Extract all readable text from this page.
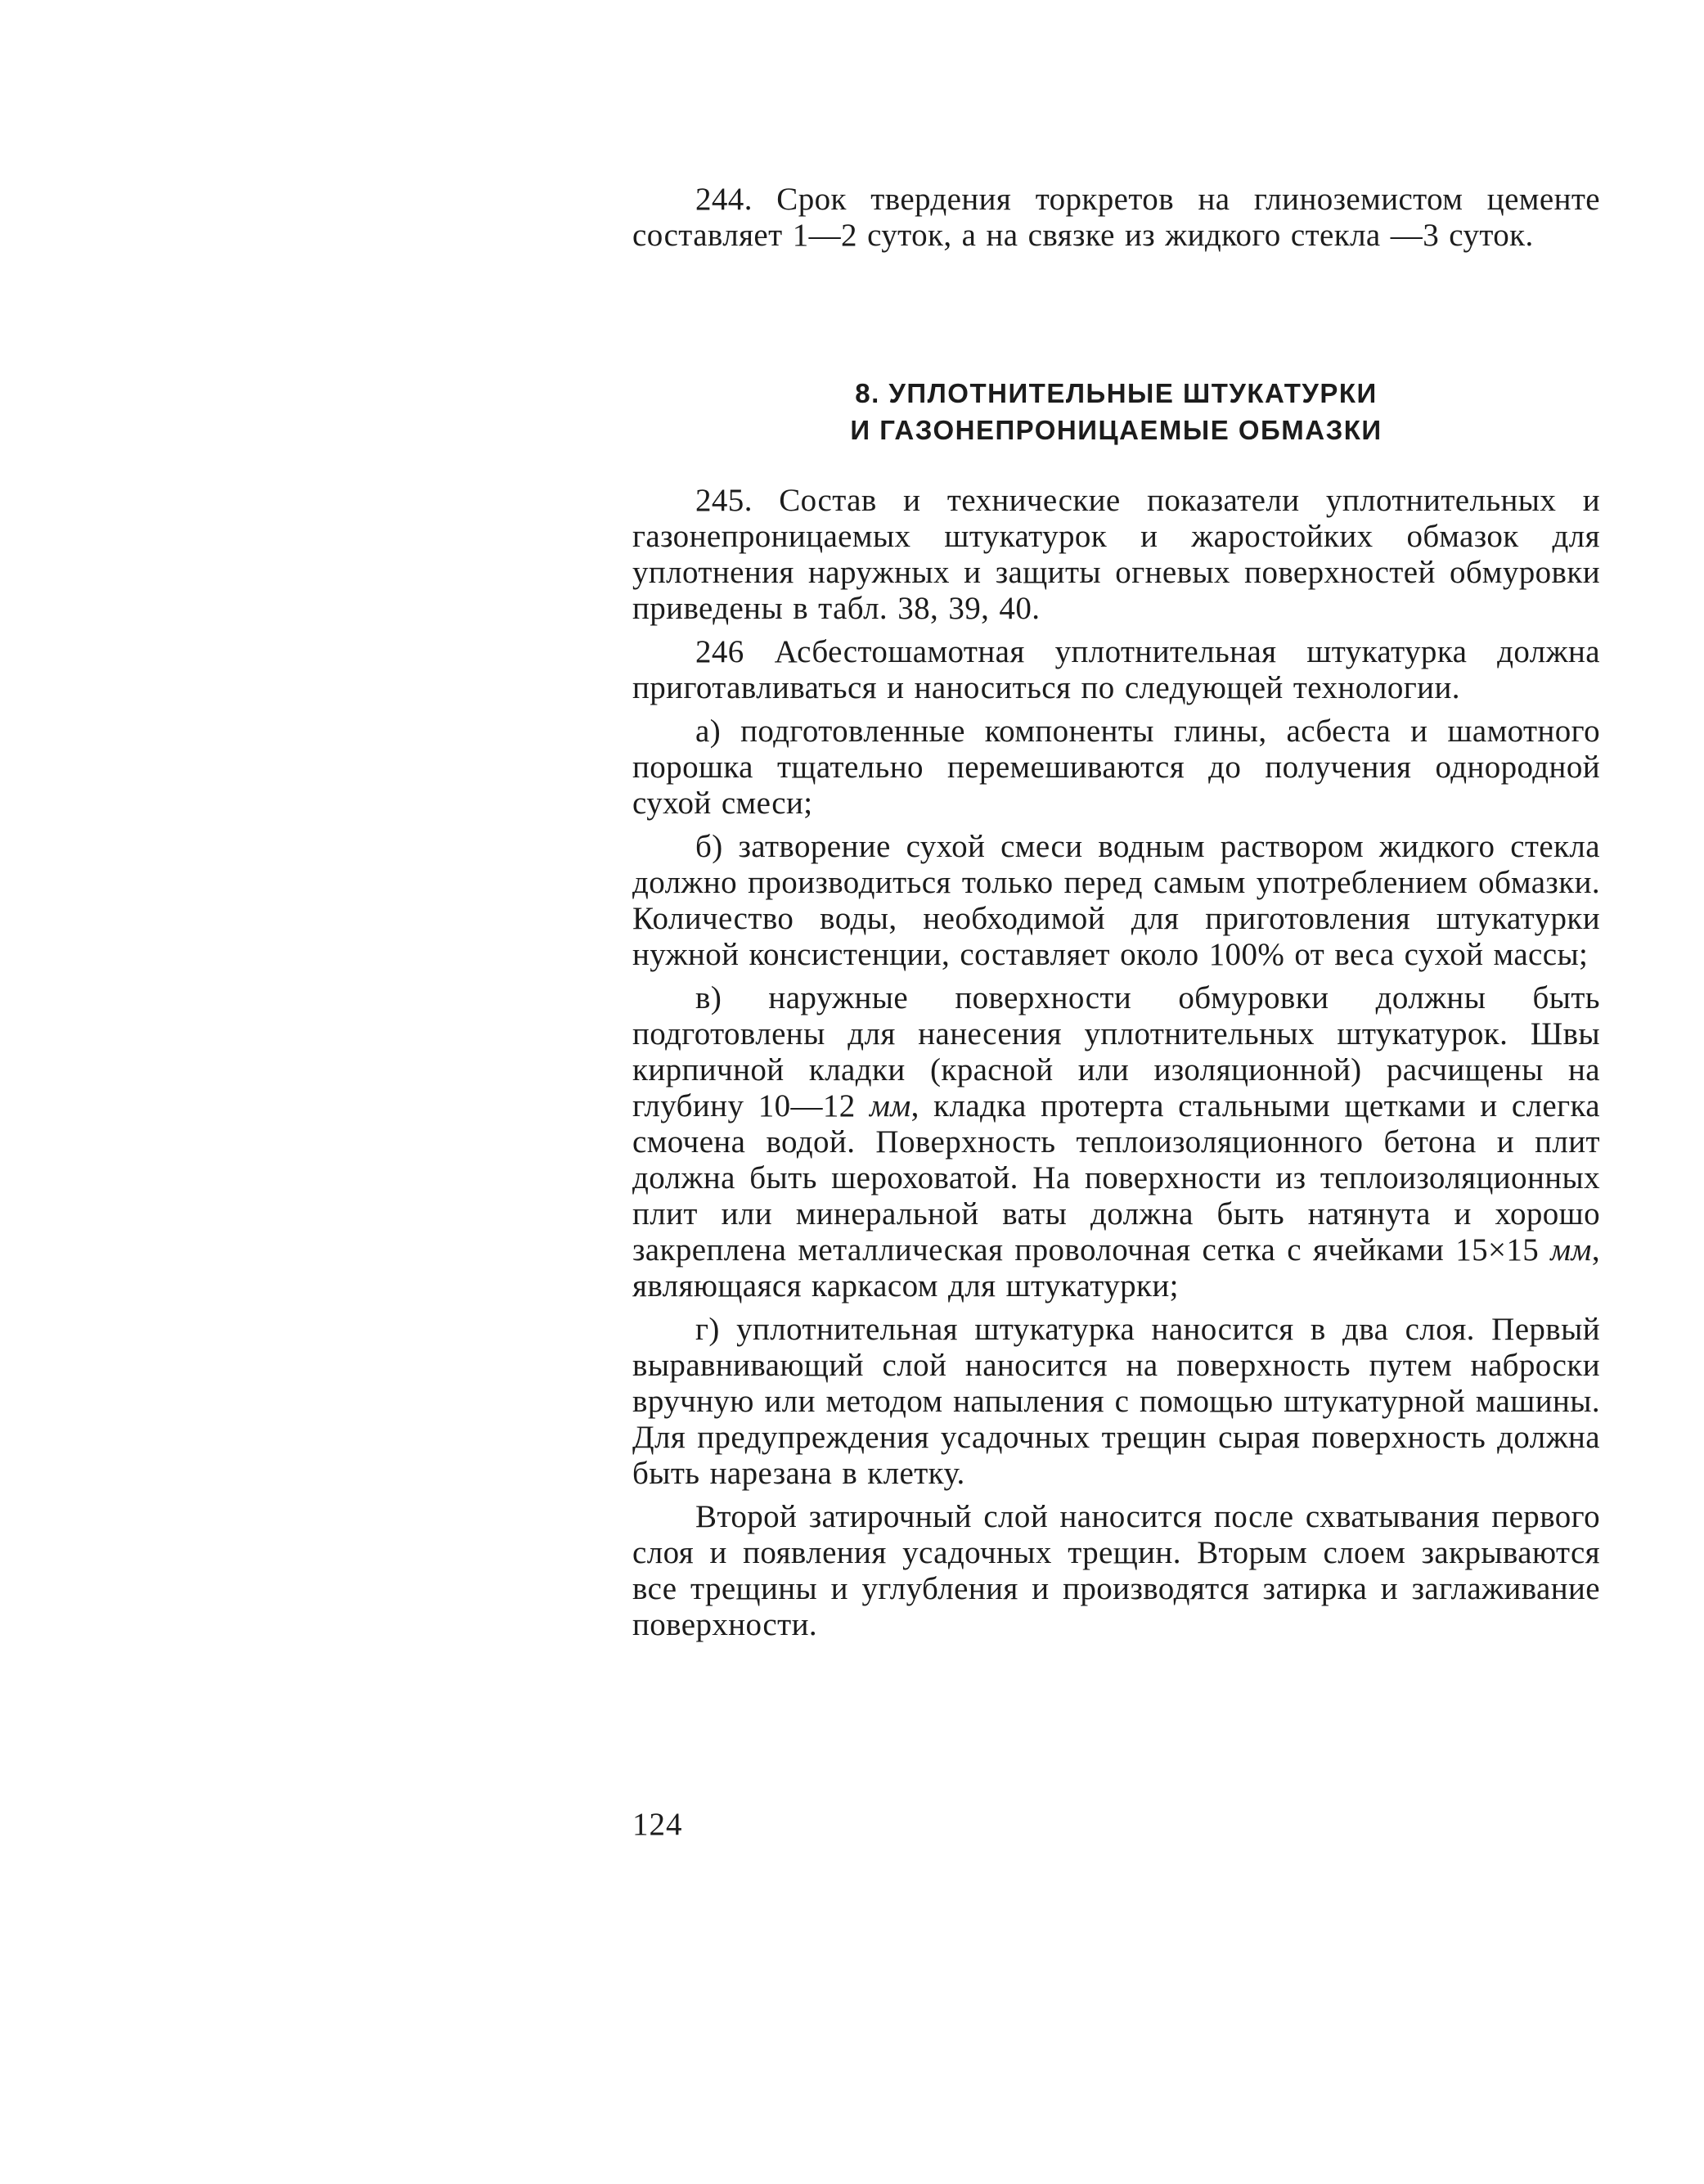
244. Срок твердения торкретов на глиноземистом цементе составляет 1—2 суток, а на связке из жидкого стекла —3 суток.

8. УПЛОТНИТЕЛЬНЫЕ ШТУКАТУРКИ
И ГАЗОНЕПРОНИЦАЕМЫЕ ОБМАЗКИ

245. Состав и технические показатели уплотнительных и газонепроницаемых штукатурок и жаростойких обмазок для уплотнения наружных и защиты огневых поверхностей обмуровки приведены в табл. 38, 39, 40.

246 Асбестошамотная уплотнительная штукатурка должна приготавливаться и наноситься по следующей технологии.

а) подготовленные компоненты глины, асбеста и шамотного порошка тщательно перемешиваются до получения однородной сухой смеси;

б) затворение сухой смеси водным раствором жидкого стекла должно производиться только перед самым употреблением обмазки. Количество воды, необходимой для приготовления штукатурки нужной консистенции, составляет около 100% от веса сухой массы;

в) наружные поверхности обмуровки должны быть подготовлены для нанесения уплотнительных штукатурок. Швы кирпичной кладки (красной или изоляционной) расчищены на глубину 10—12 мм, кладка протерта стальными щетками и слегка смочена водой. Поверхность теплоизоляционного бетона и плит должна быть шероховатой. На поверхности из теплоизоляционных плит или минеральной ваты должна быть натянута и хорошо закреплена металлическая проволочная сетка с ячейками 15×15 мм, являющаяся каркасом для штукатурки;

г) уплотнительная штукатурка наносится в два слоя. Первый выравнивающий слой наносится на поверхность путем наброски вручную или методом напыления с помощью штукатурной машины. Для предупреждения усадочных трещин сырая поверхность должна быть нарезана в клетку.

Второй затирочный слой наносится после схватывания первого слоя и появления усадочных трещин. Вторым слоем закрываются все трещины и углубления и производятся затирка и заглаживание поверхности.

124
